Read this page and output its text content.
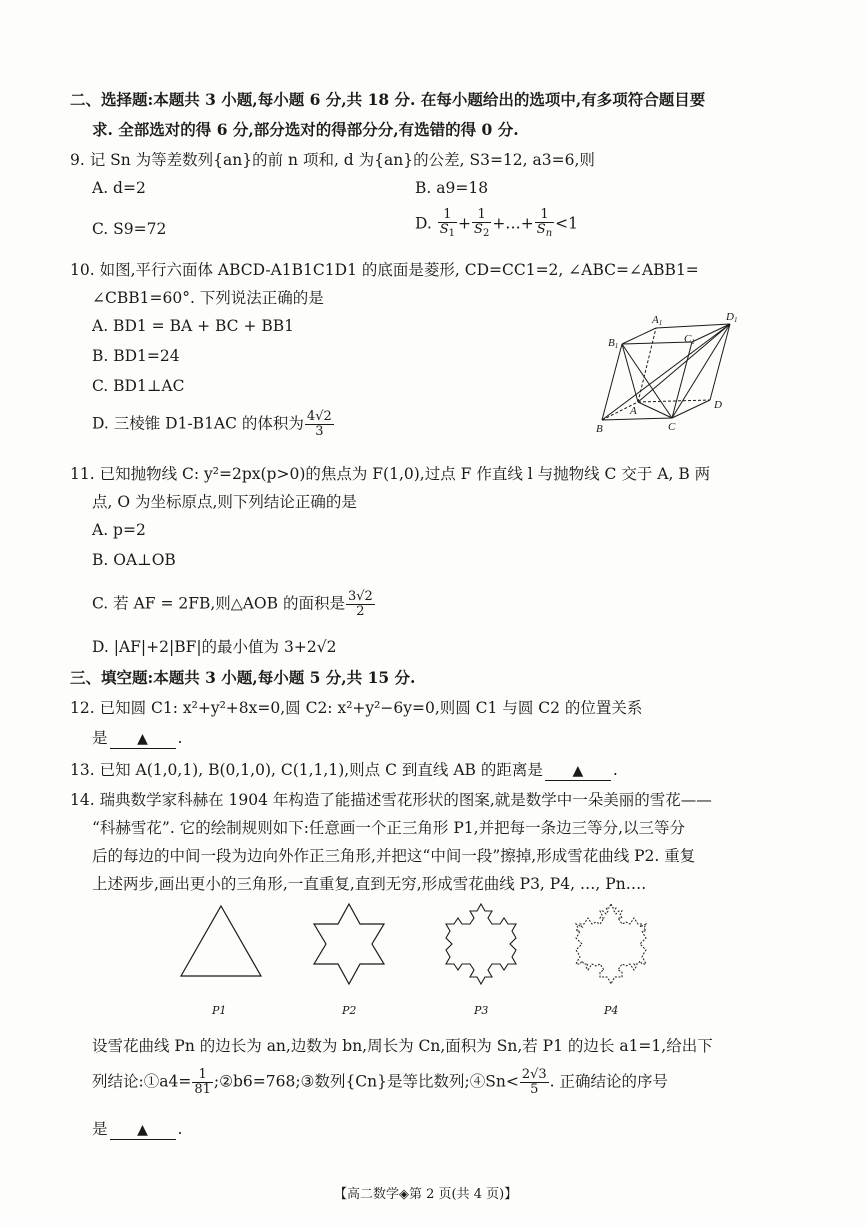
二、选择题:本题共 3 小题,每小题 6 分,共 18 分. 在每小题给出的选项中,有多项符合题目要
求. 全部选对的得 6 分,部分选对的得部分分,有选错的得 0 分.
9. 记 Sn 为等差数列{an}的前 n 项和, d 为{an}的公差, S3=12, a3=6,则
A. d=2	B. a9=18
C. S9=72	D. $\frac{1}{S_1} + \frac{1}{S_2}$ +…+ $\frac{1}{S_n} <1$
10. 如图,平行六面体 ABCD-A1B1C1D1 的底面是菱形, CD=CC1=2, ∠ABC=∠ABB1=
∠CBB1=60°. 下列说法正确的是
A. BD1 = BA + BC + BB1
B. BD1=24
C. BD1⊥AC
D. 三棱锥 D1-B1AC 的体积为 $\frac{4√2}{3}$
A1	D1
B1
C1
A	D
B	C
11. 已知抛物线 C: y²=2px(p>0)的焦点为 F(1,0),过点 F 作直线 l 与抛物线 C 交于 A, B 两
点, O 为坐标原点,则下列结论正确的是
A. p=2
B. OA⊥OB
C. 若 AF = 2FB,则△AOB 的面积是 $\frac{3√2}{2}$
D. |AF|+2|BF|的最小值为 3+2√2
三、填空题:本题共 3 小题,每小题 5 分,共 15 分.
12. 已知圆 C1: x²+y²+8x=0,圆 C2: x²+y²−6y=0,则圆 C1 与圆 C2 的位置关系
是 ▲ .
13. 已知 A(1,0,1), B(0,1,0), C(1,1,1),则点 C 到直线 AB 的距离是 ▲ .
14. 瑞典数学家科赫在 1904 年构造了能描述雪花形状的图案,就是数学中一朵美丽的雪花——
“科赫雪花”. 它的绘制规则如下:任意画一个正三角形 P1,并把每一条边三等分,以三等分
后的每边的中间一段为边向外作正三角形,并把这“中间一段”擦掉,形成雪花曲线 P2. 重复
上述两步,画出更小的三角形,一直重复,直到无穷,形成雪花曲线 P3, P4, …, Pn….
P1	P2	P3	P4
设雪花曲线 Pn 的边长为 an,边数为 bn,周长为 Cn,面积为 Sn,若 P1 的边长 a1=1,给出下
列结论:①a4= $\frac{1}{81}$ ;②b6=768;③数列{Cn}是等比数列;④Sn< $\frac{2√3}{5}$ . 正确结论的序号
是 ▲ .
【高二数学◈第 2 页(共 4 页)】
